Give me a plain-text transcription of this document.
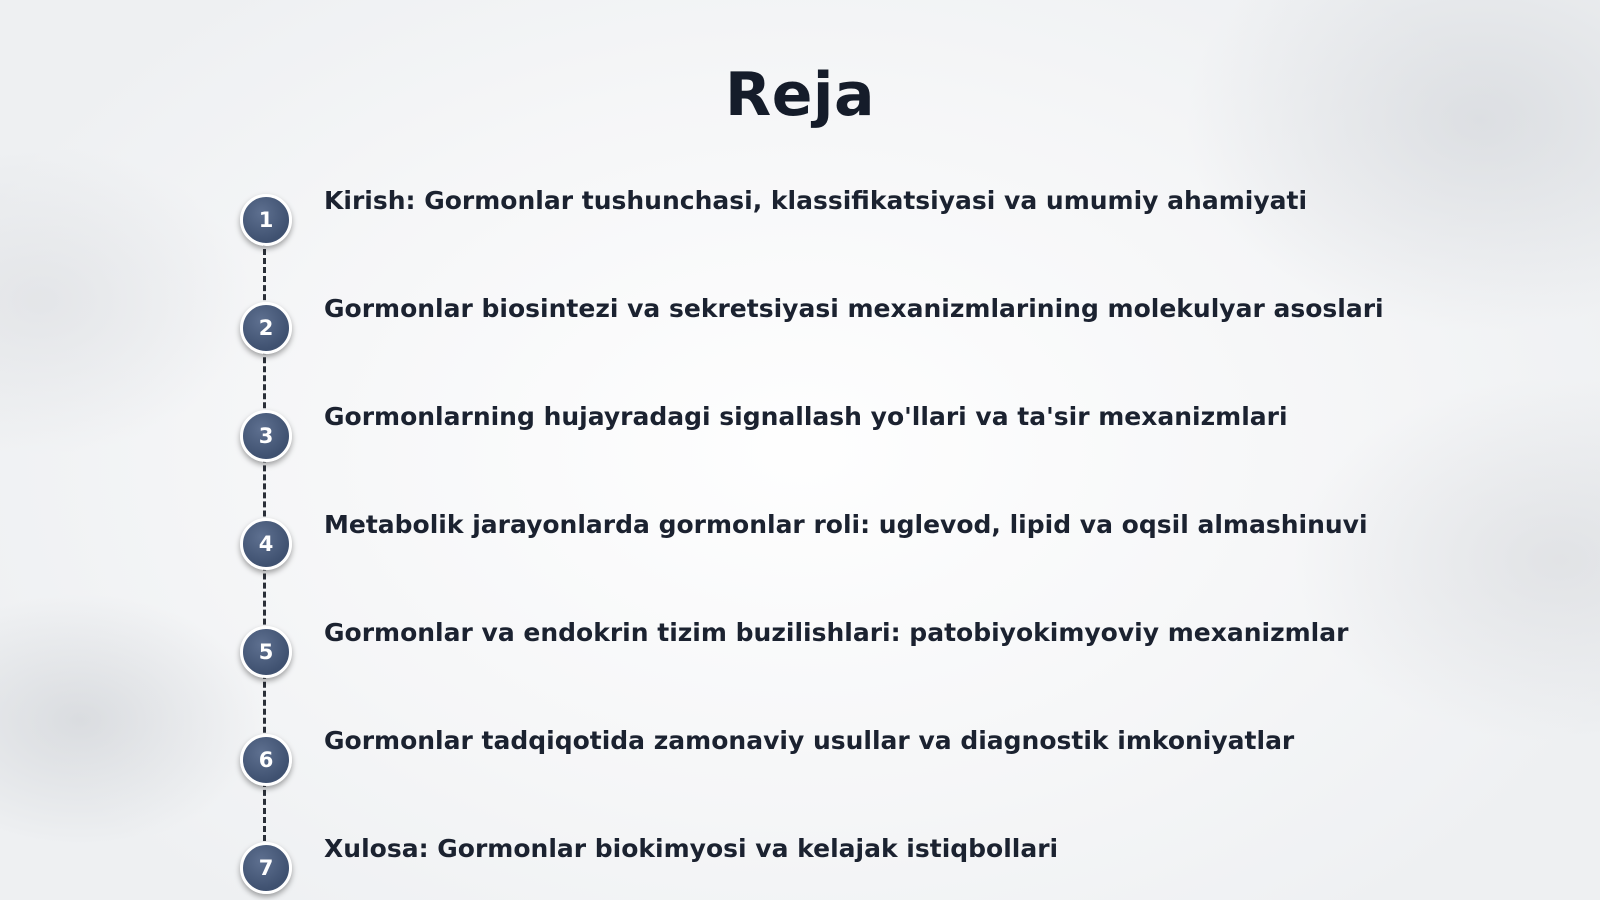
Reja
1
Kirish: Gormonlar tushunchasi, klassifikatsiyasi va umumiy ahamiyati
2
Gormonlar biosintezi va sekretsiyasi mexanizmlarining molekulyar asoslari
3
Gormonlarning hujayradagi signallash yo'llari va ta'sir mexanizmlari
4
Metabolik jarayonlarda gormonlar roli: uglevod, lipid va oqsil almashinuvi
5
Gormonlar va endokrin tizim buzilishlari: patobiyokimyoviy mexanizmlar
6
Gormonlar tadqiqotida zamonaviy usullar va diagnostik imkoniyatlar
7
Xulosa: Gormonlar biokimyosi va kelajak istiqbollari
